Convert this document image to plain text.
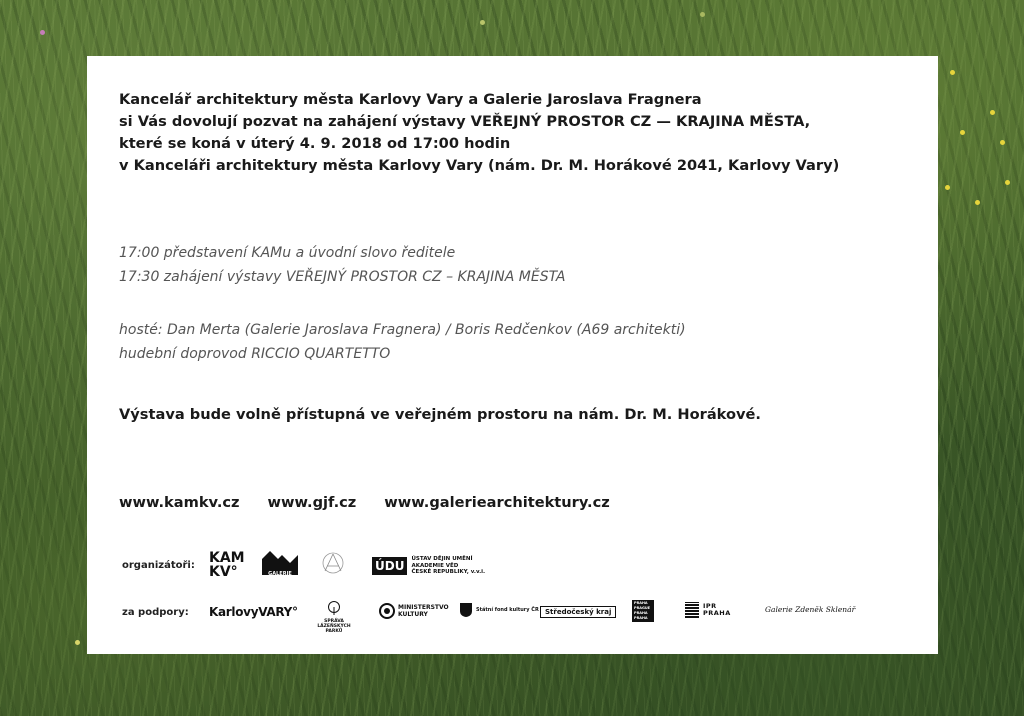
Kancelář architektury města Karlovy Vary a Galerie Jaroslava Fragnera
si Vás dovolují pozvat na zahájení výstavy VEŘEJNÝ PROSTOR CZ — KRAJINA MĚSTA,
které se koná v úterý 4. 9. 2018 od 17:00 hodin
v Kanceláři architektury města Karlovy Vary (nám. Dr. M. Horákové 2041, Karlovy Vary)
17:00 představení KAMu a úvodní slovo ředitele
17:30 zahájení výstavy VEŘEJNÝ PROSTOR CZ – KRAJINA MĚSTA
hosté: Dan Merta (Galerie Jaroslava Fragnera) / Boris Redčenkov (A69 architekti)
hudební doprovod RICCIO QUARTETTO
Výstava bude volně přístupná ve veřejném prostoru na nám. Dr. M. Horákové.
www.kamkv.cz www.gjf.cz www.galeriearchitektury.cz
organizátoři: KAM
KV°	GALERIE
ÚDU	ÚSTAV DĚJIN UMĚNÍ
AKADEMIE VĚD
ČESKÉ REPUBLIKY, v.v.i.
za podpory: KarlovyVARY°
SPRÁVA LÁZEŇSKÝCH PARKŮ
MINISTERSTVO
KULTURY
Státní fond kultury ČR Středočeský kraj
PRAHA PRAGUE PRAHA PRAHA
IPR PRAHA	Galerie Zdeněk Sklenář
